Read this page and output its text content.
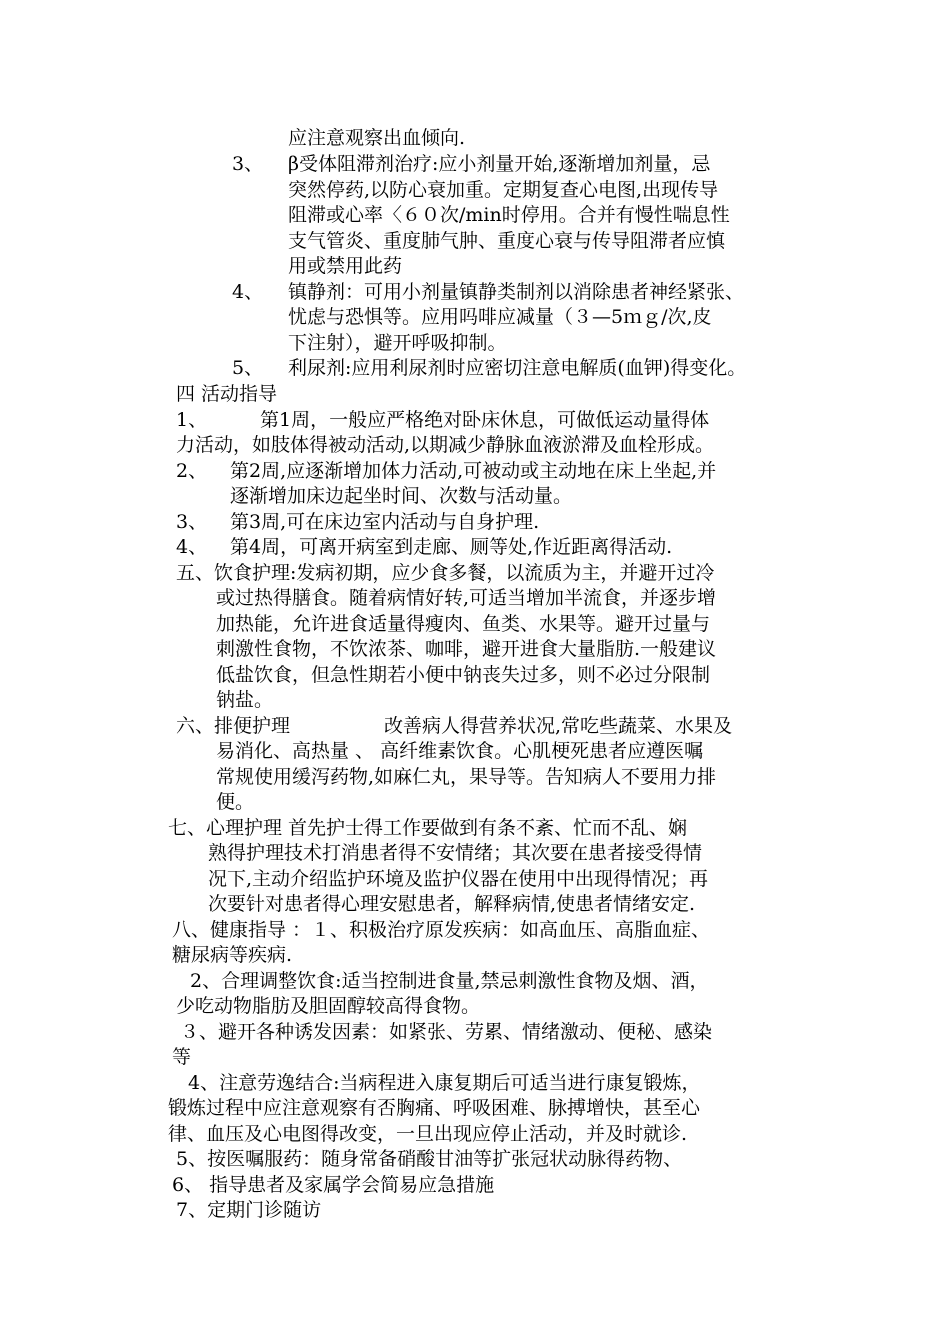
应注意观察出血倾向.
3、 β受体阻滞剂治疗:应小剂量开始,逐渐增加剂量，忌
突然停药,以防心衰加重。定期复查心电图,出现传导
阻滞或心率〈６０次/min时停用。合并有慢性喘息性
支气管炎、重度肺气肿、重度心衰与传导阻滞者应慎
用或禁用此药
4、 镇静剂：可用小剂量镇静类制剂以消除患者神经紧张、
忧虑与恐惧等。应用吗啡应减量（３—5ｍｇ/次,皮
下注射），避开呼吸抑制。
5、 利尿剂:应用利尿剂时应密切注意电解质(血钾)得变化。
四 活动指导
1、	第1周，一般应严格绝对卧床休息，可做低运动量得体
力活动，如肢体得被动活动,以期减少静脉血液淤滞及血栓形成。
2、 第2周,应逐渐增加体力活动,可被动或主动地在床上坐起,并
逐渐增加床边起坐时间、次数与活动量。
3、 第3周,可在床边室内活动与自身护理.
4、 第4周，可离开病室到走廊、厕等处,作近距离得活动.
五、饮食护理:发病初期，应少食多餐，以流质为主，并避开过冷
或过热得膳食。随着病情好转,可适当增加半流食，并逐步增
加热能，允许进食适量得瘦肉、鱼类、水果等。避开过量与
刺激性食物，不饮浓茶、咖啡，避开进食大量脂肪.一般建议
低盐饮食，但急性期若小便中钠丧失过多，则不必过分限制
钠盐。
六、排便护理	改善病人得营养状况,常吃些蔬菜、水果及
易消化、高热量 、 高纤维素饮食。心肌梗死患者应遵医嘱
常规使用缓泻药物,如麻仁丸，果导等。告知病人不要用力排
便。
七、心理护理 首先护士得工作要做到有条不紊、忙而不乱、娴
熟得护理技术打消患者得不安情绪；其次要在患者接受得情
况下,主动介绍监护环境及监护仪器在使用中出现得情况；再
次要针对患者得心理安慰患者，解释病情,使患者情绪安定.
八、健康指导 ：１、积极治疗原发疾病：如高血压、高脂血症、
糖尿病等疾病.
2、合理调整饮食:适当控制进食量,禁忌刺激性食物及烟、酒，
少吃动物脂肪及胆固醇较高得食物。
３、避开各种诱发因素：如紧张、劳累、情绪激动、便秘、感染
等
4、注意劳逸结合:当病程进入康复期后可适当进行康复锻炼，
锻炼过程中应注意观察有否胸痛、呼吸困难、脉搏增快，甚至心
律、血压及心电图得改变，一旦出现应停止活动，并及时就诊.
5、按医嘱服药：随身常备硝酸甘油等扩张冠状动脉得药物、
6、 指导患者及家属学会简易应急措施
7、定期门诊随访
